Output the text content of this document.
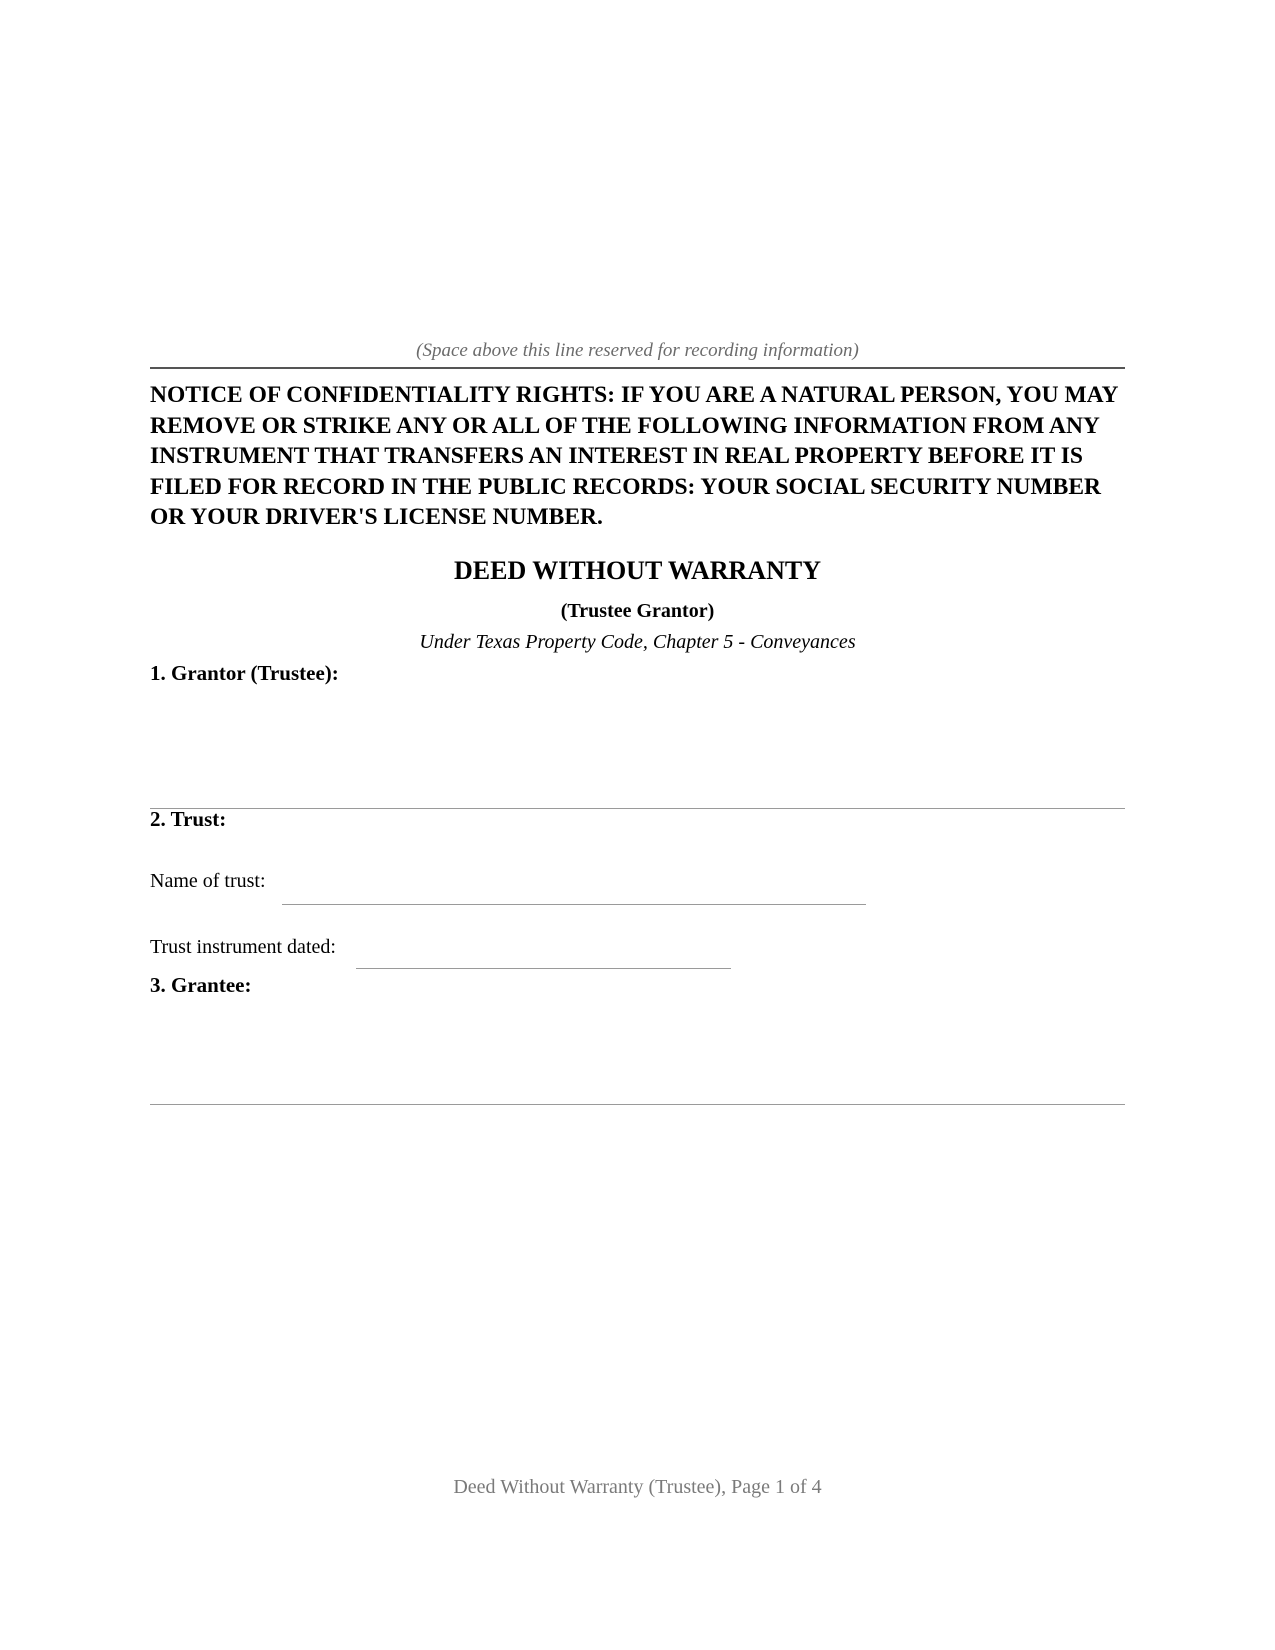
(Space above this line reserved for recording information)

NOTICE OF CONFIDENTIALITY RIGHTS: IF YOU ARE A NATURAL PERSON, YOU MAY REMOVE OR STRIKE ANY OR ALL OF THE FOLLOWING INFORMATION FROM ANY INSTRUMENT THAT TRANSFERS AN INTEREST IN REAL PROPERTY BEFORE IT IS FILED FOR RECORD IN THE PUBLIC RECORDS: YOUR SOCIAL SECURITY NUMBER OR YOUR DRIVER'S LICENSE NUMBER.

DEED WITHOUT WARRANTY
(Trustee Grantor)
Under Texas Property Code, Chapter 5 - Conveyances
1. Grantor (Trustee):
2. Trust:
Name of trust:
Trust instrument dated:
3. Grantee:
Deed Without Warranty (Trustee), Page 1 of 4
